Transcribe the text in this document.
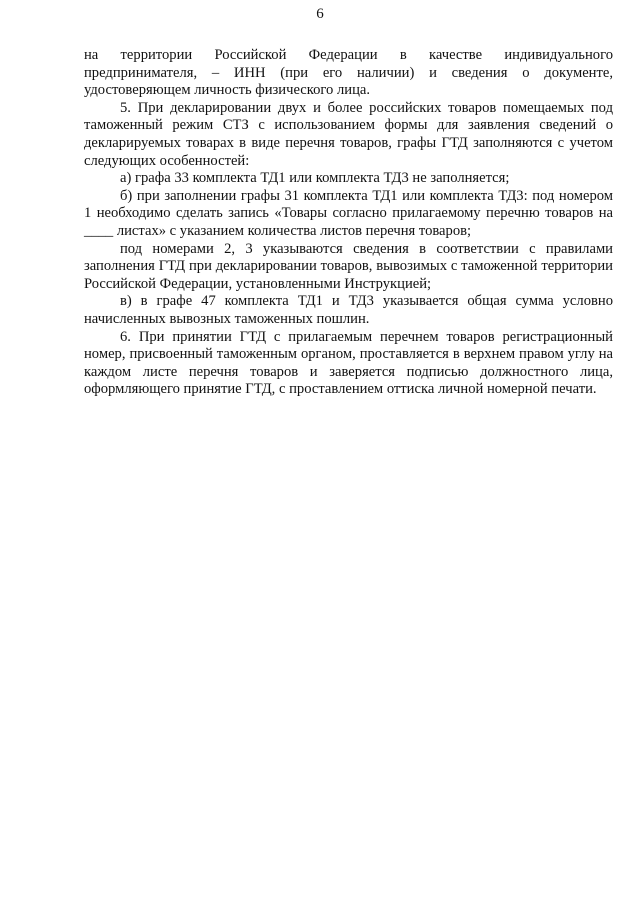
6

на территории Российской Федерации в качестве индивидуального предпринимателя, – ИНН (при его наличии) и сведения о документе, удостоверяющем личность физического лица.

5. При декларировании двух и более российских товаров помещаемых под таможенный режим СТЗ с использованием формы для заявления сведений о декларируемых товарах в виде перечня товаров, графы ГТД заполняются с учетом следующих особенностей:

а) графа 33 комплекта ТД1 или комплекта ТД3 не заполняется;

б) при заполнении графы 31 комплекта ТД1 или комплекта ТД3: под номером 1 необходимо сделать запись «Товары согласно прилагаемому перечню товаров на ____ листах» с указанием количества листов перечня товаров;

под номерами 2, 3 указываются сведения в соответствии с правилами заполнения ГТД при декларировании товаров, вывозимых с таможенной территории Российской Федерации, установленными Инструкцией;

в) в графе 47 комплекта ТД1 и ТД3 указывается общая сумма условно начисленных вывозных таможенных пошлин.

6. При принятии ГТД с прилагаемым перечнем товаров регистрационный номер, присвоенный таможенным органом, проставляется в верхнем правом углу на каждом листе перечня товаров и заверяется подписью должностного лица, оформляющего принятие ГТД, с проставлением оттиска личной номерной печати.
